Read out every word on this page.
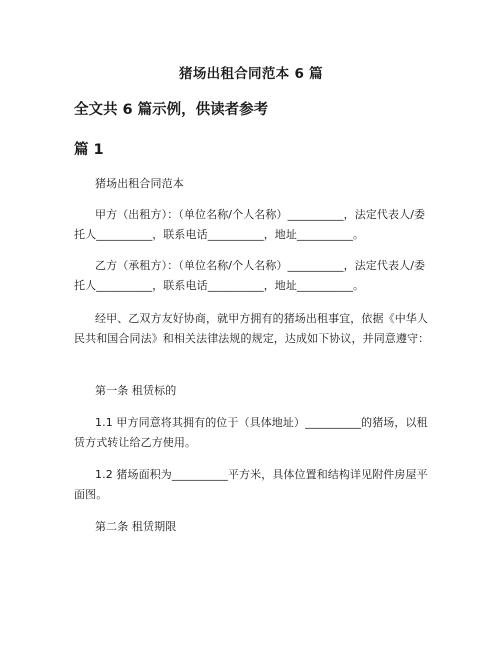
猪场出租合同范本 6 篇
全文共 6 篇示例，供读者参考
篇 1
猪场出租合同范本
甲方（出租方）：（单位名称/个人名称）__________，法定代表人/委托人__________，联系电话__________，地址__________。
乙方（承租方）：（单位名称/个人名称）__________，法定代表人/委托人__________，联系电话__________，地址__________。
经甲、乙双方友好协商，就甲方拥有的猪场出租事宜，依据《中华人民共和国合同法》和相关法律法规的规定，达成如下协议，并同意遵守：
第一条 租赁标的
1.1 甲方同意将其拥有的位于（具体地址）__________的猪场，以租赁方式转让给乙方使用。
1.2 猪场面积为__________平方米，具体位置和结构详见附件房屋平面图。
第二条 租赁期限
